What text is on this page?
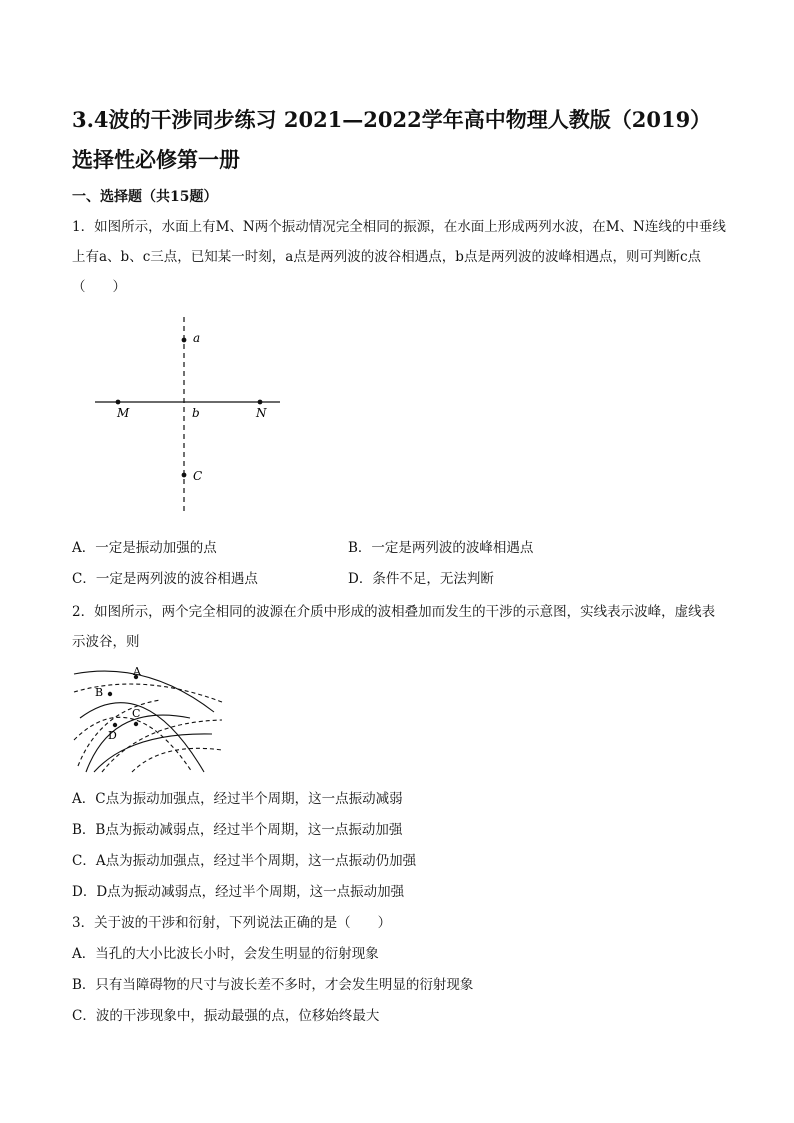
3.4波的干涉同步练习 2021—2022学年高中物理人教版（2019）选择性必修第一册
一、选择题（共15题）

1．如图所示，水面上有M、N两个振动情况完全相同的振源，在水面上形成两列水波，在M、N连线的中垂线上有a、b、c三点，已知某一时刻，a点是两列波的波谷相遇点，b点是两列波的波峰相遇点，则可判断c点（　　）

a
M	b	N
C
A．一定是振动加强的点	B．一定是两列波的波峰相遇点
C．一定是两列波的波谷相遇点	D．条件不足，无法判断

2．如图所示，两个完全相同的波源在介质中形成的波相叠加而发生的干涉的示意图，实线表示波峰，虚线表示波谷，则

A
B
C
D
A．C点为振动加强点，经过半个周期，这一点振动减弱
B．B点为振动减弱点，经过半个周期，这一点振动加强
C．A点为振动加强点，经过半个周期，这一点振动仍加强
D．D点为振动减弱点，经过半个周期，这一点振动加强
3．关于波的干涉和衍射，下列说法正确的是（　　）
A．当孔的大小比波长小时，会发生明显的衍射现象
B．只有当障碍物的尺寸与波长差不多时，才会发生明显的衍射现象
C．波的干涉现象中，振动最强的点，位移始终最大
